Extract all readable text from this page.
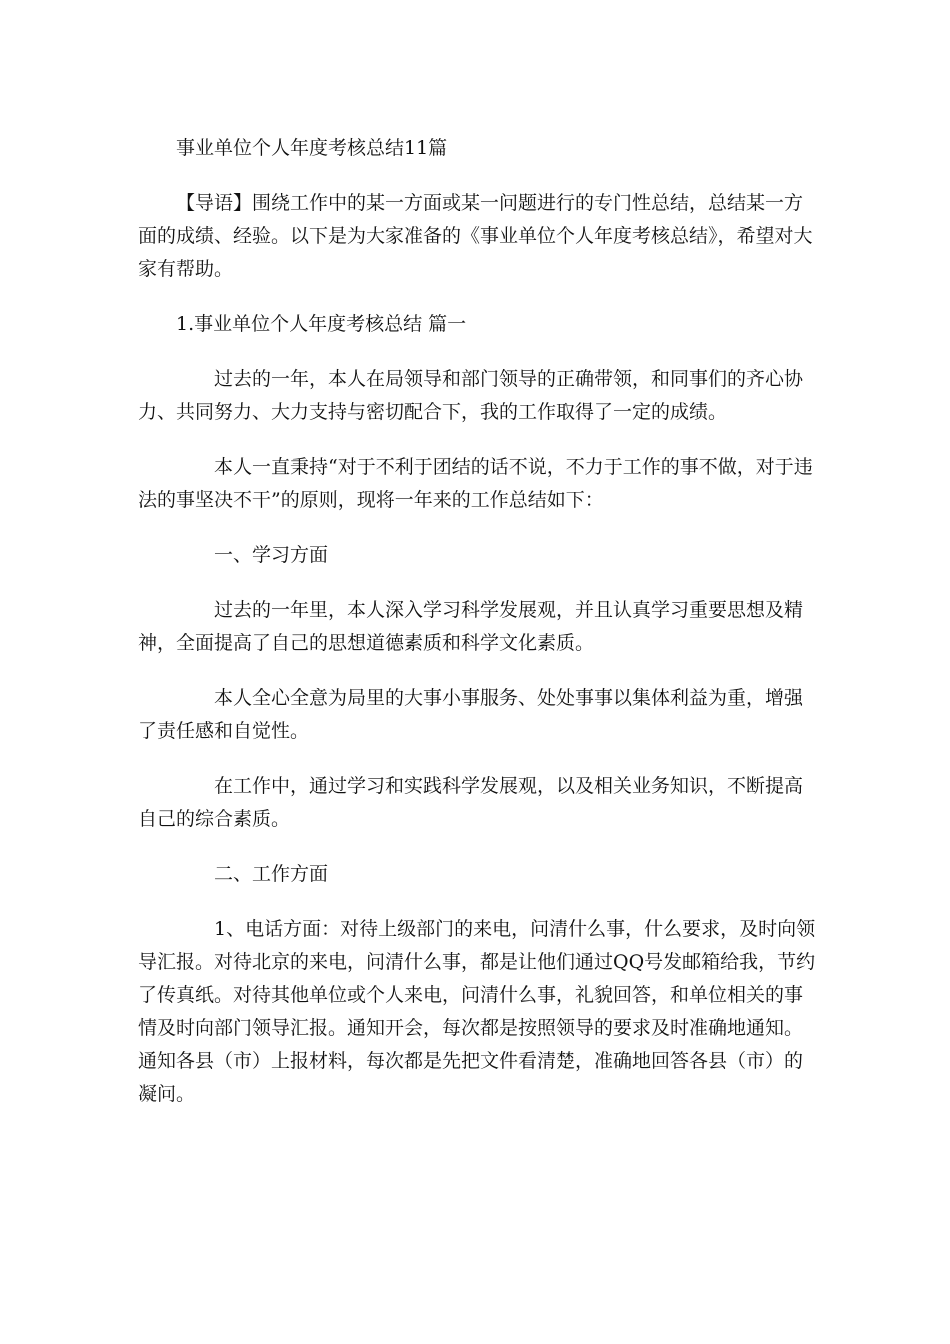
事业单位个人年度考核总结11篇

【导语】围绕工作中的某一方面或某一问题进行的专门性总结，总结某一方面的成绩、经验。以下是为大家准备的《事业单位个人年度考核总结》，希望对大家有帮助。

1.事业单位个人年度考核总结 篇一

过去的一年，本人在局领导和部门领导的正确带领，和同事们的齐心协力、共同努力、大力支持与密切配合下，我的工作取得了一定的成绩。

本人一直秉持“对于不利于团结的话不说，不力于工作的事不做，对于违法的事坚决不干”的原则，现将一年来的工作总结如下：

一、学习方面

过去的一年里，本人深入学习科学发展观，并且认真学习重要思想及精神，全面提高了自己的思想道德素质和科学文化素质。

本人全心全意为局里的大事小事服务、处处事事以集体利益为重，增强了责任感和自觉性。

在工作中，通过学习和实践科学发展观，以及相关业务知识，不断提高自己的综合素质。

二、工作方面

1、电话方面：对待上级部门的来电，问清什么事，什么要求，及时向领导汇报。对待北京的来电，问清什么事，都是让他们通过QQ号发邮箱给我，节约了传真纸。对待其他单位或个人来电，问清什么事，礼貌回答，和单位相关的事情及时向部门领导汇报。通知开会，每次都是按照领导的要求及时准确地通知。通知各县（市）上报材料，每次都是先把文件看清楚，准确地回答各县（市）的凝问。
